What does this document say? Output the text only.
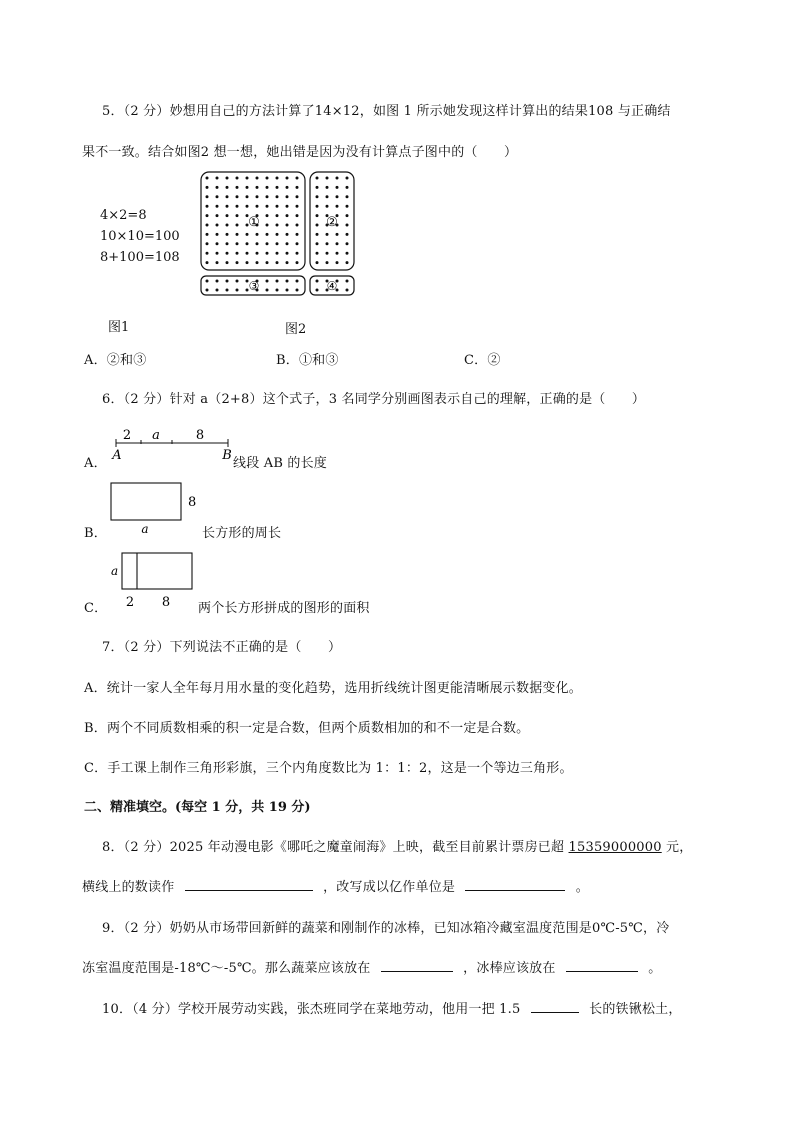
5．（2 分）妙想用自己的方法计算了14×12，如图 1 所示她发现这样计算出的结果108 与正确结
果不一致。结合如图2 想一想，她出错是因为没有计算点子图中的（　　）
4×2=8
10×10=100
8+100=108
①	②
③	④
图1	图2
A．②和③	B．①和③	C．②
6．（2 分）针对 a（2+8）这个式子，3 名同学分别画图表示自己的理解，正确的是（　　）
A．
2 a	8
A	B
线段 AB 的长度
B．
8
a	长方形的周长
C．
a
2 8 两个长方形拼成的图形的面积
7．（2 分）下列说法不正确的是（　　）
A．统计一家人全年每月用水量的变化趋势，选用折线统计图更能清晰展示数据变化。
B．两个不同质数相乘的积一定是合数，但两个质数相加的和不一定是合数。
C．手工课上制作三角形彩旗，三个内角度数比为 1：1：2，这是一个等边三角形。
二、精准填空。(每空 1 分，共 19 分)
8．（2 分）2025 年动漫电影《哪吒之魔童闹海》上映，截至目前累计票房已超 15359000000 元，
横线上的数读作	，改写成以亿作单位是	。
9．（2 分）奶奶从市场带回新鲜的蔬菜和刚制作的冰棒，已知冰箱冷藏室温度范围是0℃-5℃，冷
冻室温度范围是-18℃～-5℃。那么蔬菜应该放在	，冰棒应该放在	。
10．（4 分）学校开展劳动实践，张杰班同学在菜地劳动，他用一把 1.5	长的铁锹松土，
